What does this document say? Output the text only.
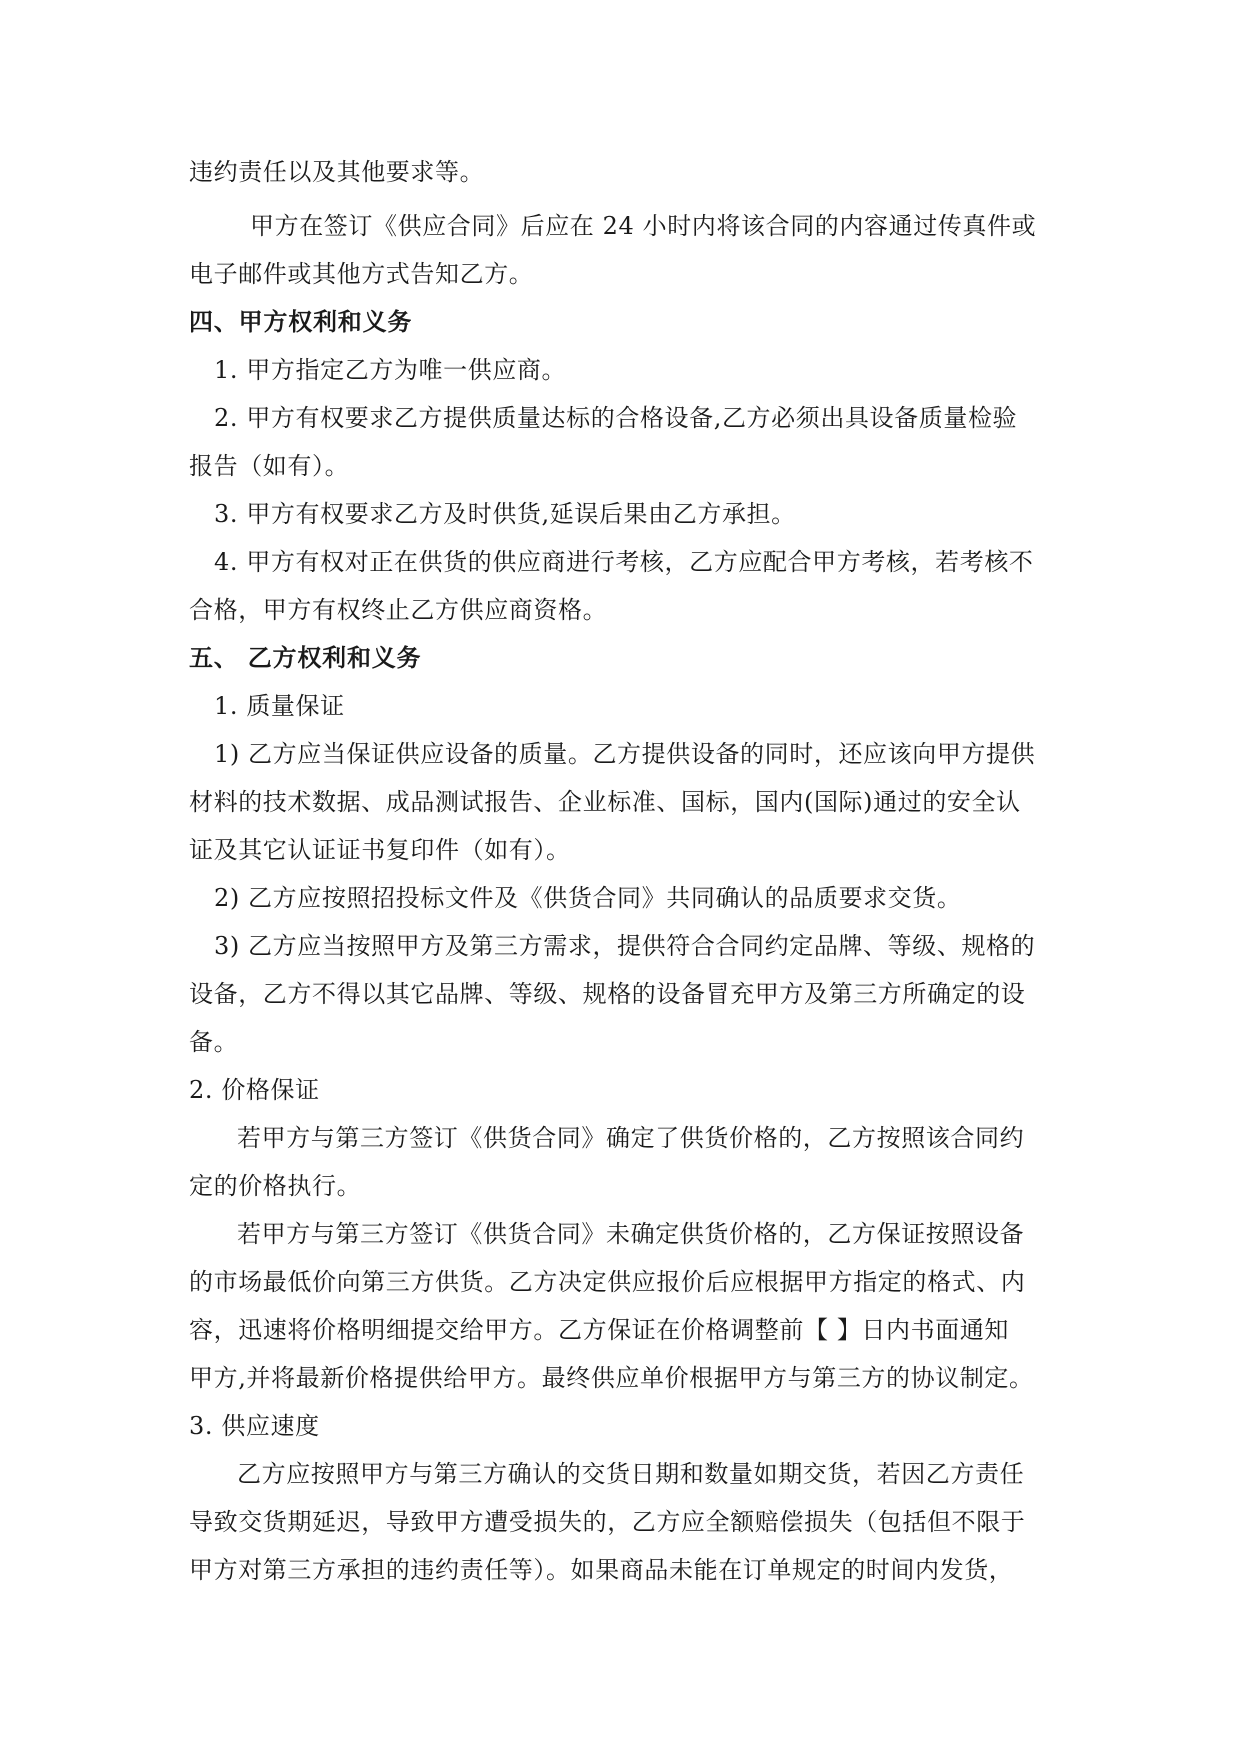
违约责任以及其他要求等。
甲方在签订《供应合同》后应在 24 小时内将该合同的内容通过传真件或
电子邮件或其他方式告知乙方。
四、甲方权利和义务
1. 甲方指定乙方为唯一供应商。
2. 甲方有权要求乙方提供质量达标的合格设备,乙方必须出具设备质量检验
报告（如有）。
3. 甲方有权要求乙方及时供货,延误后果由乙方承担。
4. 甲方有权对正在供货的供应商进行考核，乙方应配合甲方考核，若考核不
合格，甲方有权终止乙方供应商资格。
五、 乙方权利和义务
1. 质量保证
1) 乙方应当保证供应设备的质量。乙方提供设备的同时，还应该向甲方提供
材料的技术数据、成品测试报告、企业标准、国标，国内(国际)通过的安全认
证及其它认证证书复印件（如有）。
2) 乙方应按照招投标文件及《供货合同》共同确认的品质要求交货。
3) 乙方应当按照甲方及第三方需求，提供符合合同约定品牌、等级、规格的
设备，乙方不得以其它品牌、等级、规格的设备冒充甲方及第三方所确定的设
备。
2. 价格保证
若甲方与第三方签订《供货合同》确定了供货价格的，乙方按照该合同约
定的价格执行。
若甲方与第三方签订《供货合同》未确定供货价格的，乙方保证按照设备
的市场最低价向第三方供货。乙方决定供应报价后应根据甲方指定的格式、内
容，迅速将价格明细提交给甲方。乙方保证在价格调整前【 】日内书面通知
甲方,并将最新价格提供给甲方。最终供应单价根据甲方与第三方的协议制定。
3. 供应速度
乙方应按照甲方与第三方确认的交货日期和数量如期交货，若因乙方责任
导致交货期延迟，导致甲方遭受损失的，乙方应全额赔偿损失（包括但不限于
甲方对第三方承担的违约责任等）。如果商品未能在订单规定的时间内发货，
